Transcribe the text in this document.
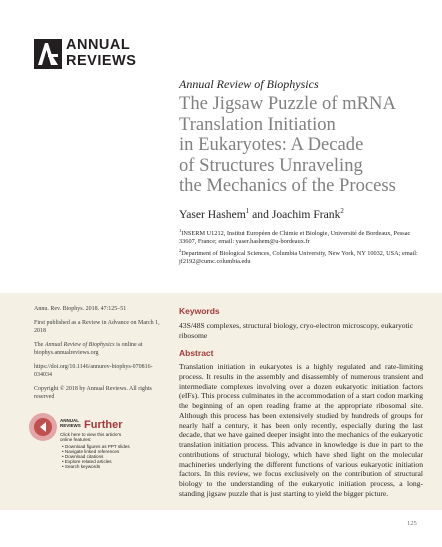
ANNUAL
REVIEWS
Annual Review of Biophysics
The Jigsaw Puzzle of mRNA
Translation Initiation
in Eukaryotes: A Decade
of Structures Unraveling
the Mechanics of the Process
Yaser Hashem$^1$ and Joachim Frank$^2$

$^1$INSERM U1212, Institut Européen de Chimie et Biologie, Université de Bordeaux, Pessac 33607, France; email: yaser.hashem@u-bordeaux.fr

$^2$Department of Biological Sciences, Columbia University, New York, NY 10032, USA; email: jf2192@cumc.columbia.edu

Annu. Rev. Biophys. 2018. 47:125–51

First published as a Review in Advance on March 1, 2018

The Annual Review of Biophysics is online at biophys.annualreviews.org

https://doi.org/10.1146/annurev-biophys-070816-034034

Copyright © 2018 by Annual Reviews. All rights reserved

ANNUAL
REVIEWS Further
Click here to view this article's
online features:
• Download figures as PPT slides
• Navigate linked references
• Download citations
• Explore related articles
• Search keywords
Keywords

43S/48S complexes, structural biology, cryo-electron microscopy, eukaryotic ribosome

Abstract

Translation initiation in eukaryotes is a highly regulated and rate-limiting process. It results in the assembly and disassembly of numerous transient and intermediate complexes involving over a dozen eukaryotic initiation factors (eIFs). This process culminates in the accommodation of a start codon marking the beginning of an open reading frame at the appropriate ribosomal site. Although this process has been extensively studied by hundreds of groups for nearly half a century, it has been only recently, especially during the last decade, that we have gained deeper insight into the mechanics of the eukaryotic translation initiation process. This advance in knowledge is due in part to the contributions of structural biology, which have shed light on the molecular machineries underlying the different functions of various eukaryotic initiation factors. In this review, we focus exclusively on the contribution of structural biology to the understanding of the eukaryotic initiation process, a long-standing jigsaw puzzle that is just starting to yield the bigger picture.

125
